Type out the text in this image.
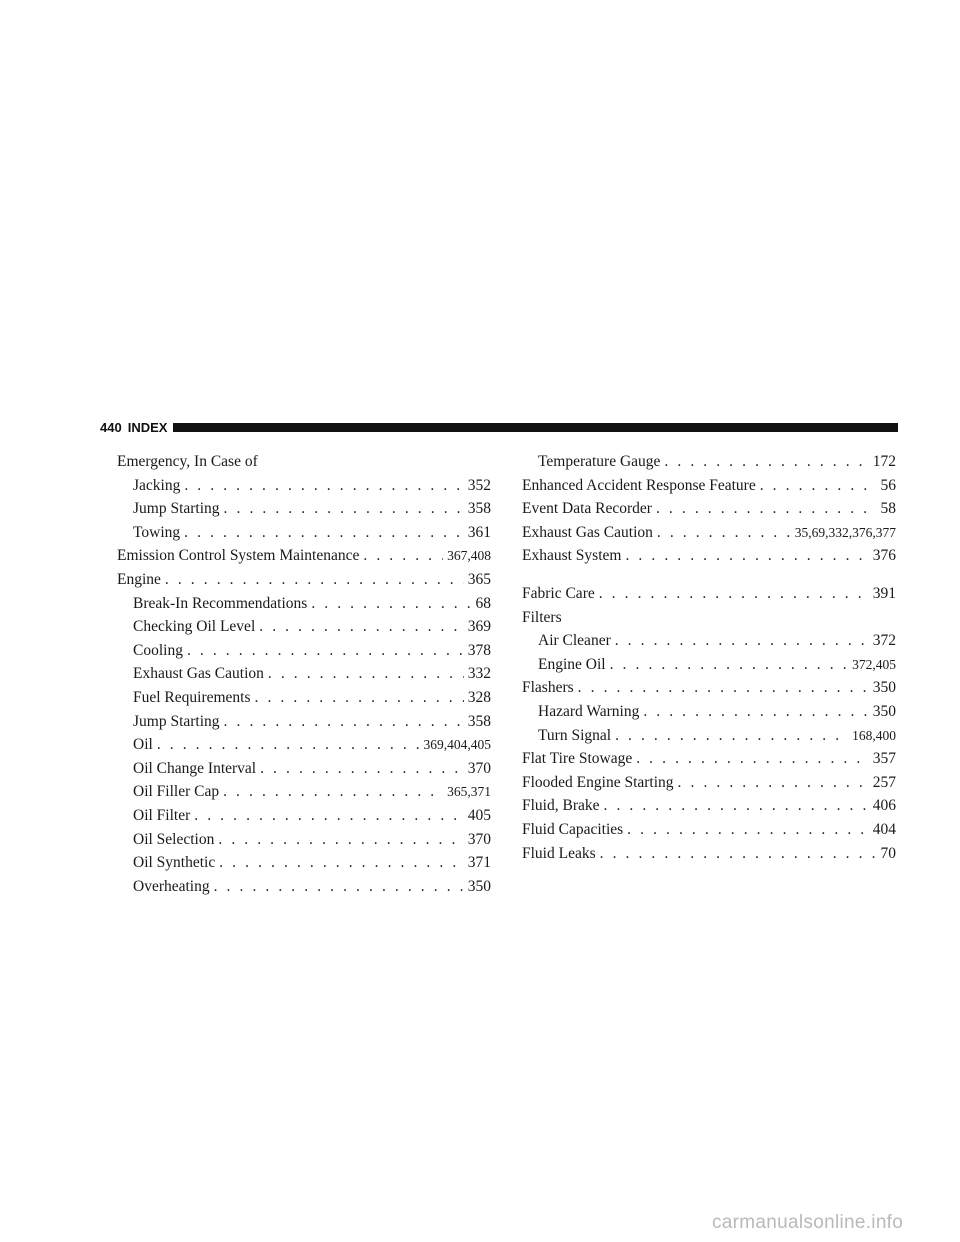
440 INDEX
Emergency, In Case of
Jacking . . .	352
Jump Starting . . .	358
Towing . . .	361
Emission Control System Maintenance . . .	367,408
Engine . . .	365
Break-In Recommendations . . .	68
Checking Oil Level . . .	369
Cooling . . .	378
Exhaust Gas Caution . . .	332
Fuel Requirements . . .	328
Jump Starting . . .	358
Oil . . .	369,404,405
Oil Change Interval . . .	370
Oil Filler Cap . . .	365,371
Oil Filter . . .	405
Oil Selection . . .	370
Oil Synthetic . . .	371
Overheating . . .	350
Temperature Gauge . . .	172
Enhanced Accident Response Feature . . .	56
Event Data Recorder . . .	58
Exhaust Gas Caution . . .	35,69,332,376,377
Exhaust System . . .	376
Fabric Care . . .	391
Filters
Air Cleaner . . .	372
Engine Oil . . .	372,405
Flashers . . .	350
Hazard Warning . . .	350
Turn Signal . . .	168,400
Flat Tire Stowage . . .	357
Flooded Engine Starting . . .	257
Fluid, Brake . . .	406
Fluid Capacities . . .	404
Fluid Leaks . . .	70
carmanualsonline.info
